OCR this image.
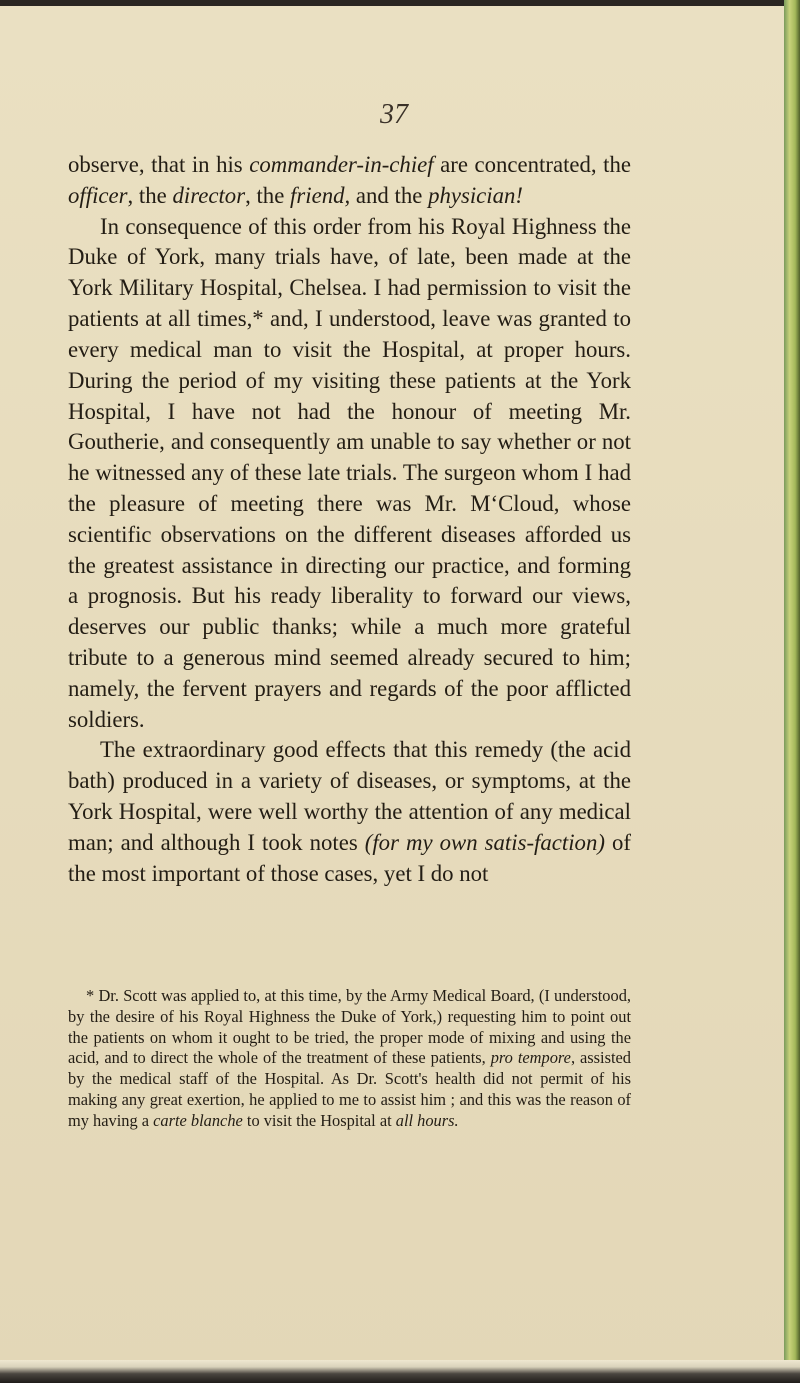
37

observe, that in his commander-in-chief are concentrated, the officer, the director, the friend, and the physician!

In consequence of this order from his Royal Highness the Duke of York, many trials have, of late, been made at the York Military Hospital, Chelsea. I had permission to visit the patients at all times,* and, I understood, leave was granted to every medical man to visit the Hospital, at proper hours. During the period of my visiting these patients at the York Hospital, I have not had the honour of meeting Mr. Goutherie, and consequently am unable to say whether or not he witnessed any of these late trials. The surgeon whom I had the pleasure of meeting there was Mr. M‘Cloud, whose scientific observations on the different diseases afforded us the greatest assistance in directing our practice, and forming a prognosis. But his ready liberality to forward our views, deserves our public thanks; while a much more grateful tribute to a generous mind seemed already secured to him; namely, the fervent prayers and regards of the poor afflicted soldiers.

The extraordinary good effects that this remedy (the acid bath) produced in a variety of diseases, or symptoms, at the York Hospital, were well worthy the attention of any medical man; and although I took notes (for my own satis-faction) of the most important of those cases, yet I do not

* Dr. Scott was applied to, at this time, by the Army Medical Board, (I understood, by the desire of his Royal Highness the Duke of York,) requesting him to point out the patients on whom it ought to be tried, the proper mode of mixing and using the acid, and to direct the whole of the treatment of these patients, pro tempore, assisted by the medical staff of the Hospital. As Dr. Scott's health did not permit of his making any great exertion, he applied to me to assist him ; and this was the reason of my having a carte blanche to visit the Hospital at all hours.
